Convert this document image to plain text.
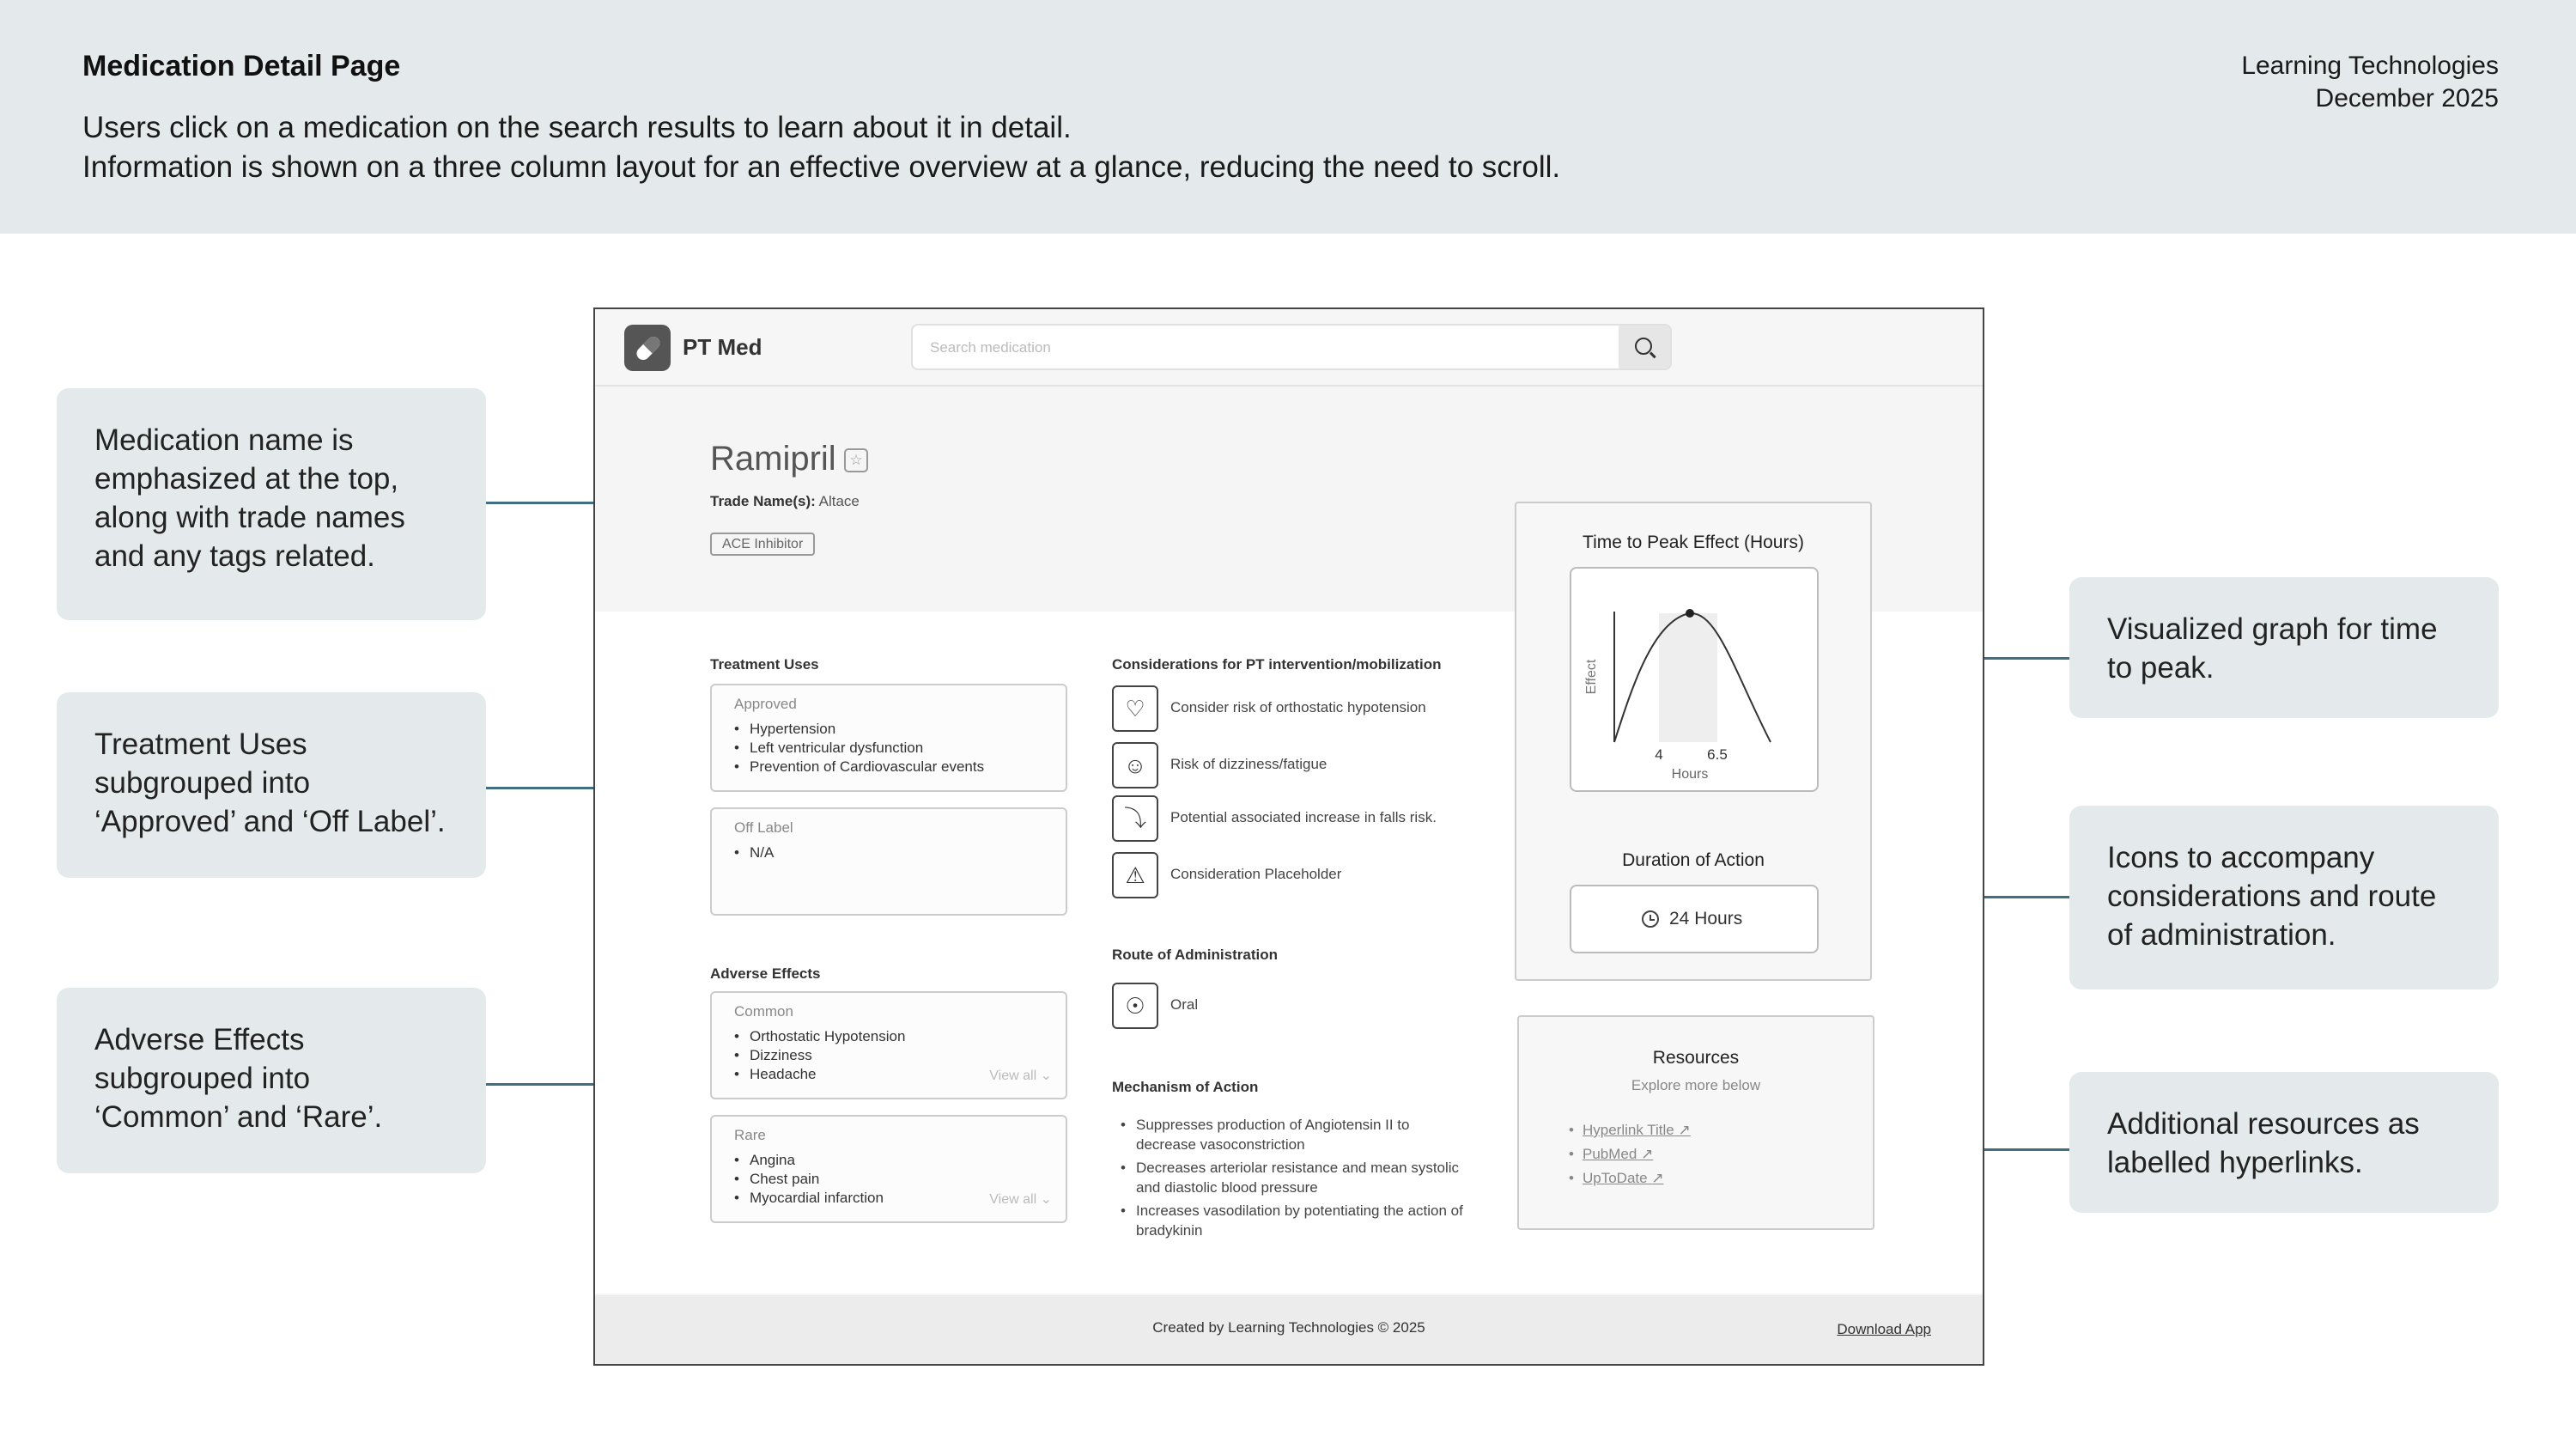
Medication Detail Page
Users click on a medication on the search results to learn about it in detail.
Information is shown on a three column layout for an effective overview at a glance, reducing the need to scroll.
Learning Technologies
December 2025
Medication name is emphasized at the top, along with trade names and any tags related.
Treatment Uses subgrouped into ‘Approved’ and ‘Off Label’.
Adverse Effects subgrouped into ‘Common’ and ‘Rare’.
Visualized graph for time to peak.
Icons to accompany considerations and route of administration.
Additional resources as labelled hyperlinks.
PT Med
Search medication
Ramipril ☆
Trade Name(s): Altace
ACE Inhibitor
Treatment Uses
Approved
• Hypertension
• Left ventricular dysfunction
• Prevention of Cardiovascular events
Off Label
• N/A
Adverse Effects
Common
• Orthostatic Hypotension
• Dizziness
• Headache	View all ⌄
Rare
• Angina
• Chest pain
• Myocardial infarction	View all ⌄
Considerations for PT intervention/mobilization
♡	Consider risk of orthostatic hypotension
☺	Risk of dizziness/fatigue
⤵	Potential associated increase in falls risk.
⚠	Consideration Placeholder
Route of Administration
☉	Oral
Mechanism of Action
• Suppresses production of Angiotensin II to decrease vasoconstriction
• Decreases arteriolar resistance and mean systolic and diastolic blood pressure
• Increases vasodilation by potentiating the action of bradykinin
Time to Peak Effect (Hours)
Effect
4	6.5
Hours
Duration of Action
24 Hours
Resources
Explore more below
• Hyperlink Title ↗
• PubMed ↗
• UpToDate ↗
Created by Learning Technologies © 2025	Download App
